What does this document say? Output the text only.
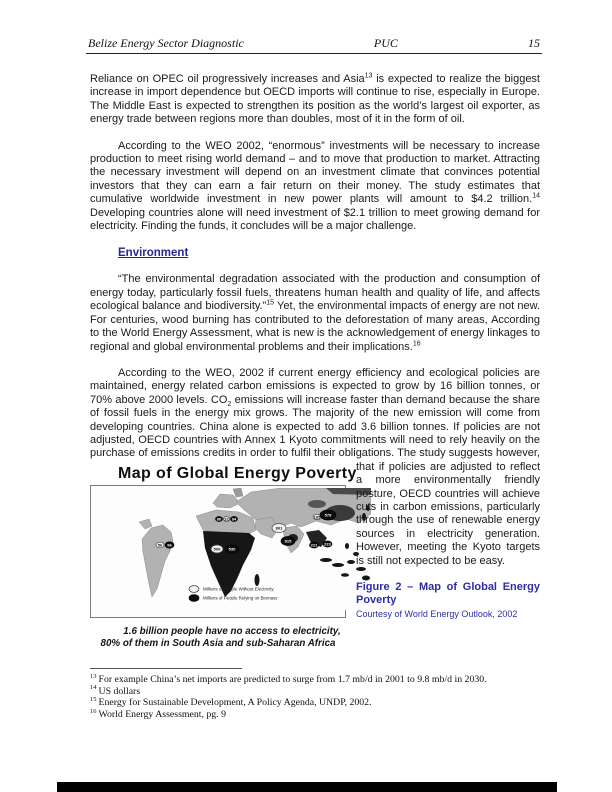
Belize Energy Sector Diagnostic	PUC	15
Reliance on OPEC oil progressively increases and Asia$^{13}$ is expected to realize the biggest increase in import dependence but OECD imports will continue to rise, especially in Europe. The Middle East is expected to strengthen its position as the world’s largest oil exporter, as energy trade between regions more than doubles, most of it in the form of oil.
According to the WEO 2002, “enormous” investments will be necessary to increase production to meet rising world demand – and to move that production to market. Attracting the necessary investment will depend on an investment climate that convinces potential investors that they can earn a fair return on their money. The study estimates that cumulative worldwide investment in new power plants will amount to $4.2 trillion.$^{14}$ Developing countries alone will need investment of $2.1 trillion to meet growing demand for electricity. Finding the funds, it concludes will be a major challenge.
Environment
“The environmental degradation associated with the production and consumption of energy today, particularly fossil fuels, threatens human health and quality of life, and affects ecological balance and biodiversity.”$^{15}$ Yet, the environmental impacts of energy are not new. For centuries, wood burning has contributed to the deforestation of many areas, According to the World Energy Assessment, what is new is the acknowledgement of energy linkages to regional and global environmental problems and their implications.$^{16}$
According to the WEO, 2002 if current energy efficiency and ecological policies are maintained, energy related carbon emissions is expected to grow by 16 billion tonnes, or 70% above 2000 levels. $CO_2$ emissions will increase faster than demand because the share of fossil fuels in the energy mix grows. The majority of the new emission will come from developing countries. China alone is expected to add 3.6 billion tonnes. If policies are not adjusted, OECD countries with Annex 1 Kyoto commitments will need to rely heavily on the purchase of emissions credits in order to fulfil their obligations. The study
Map of Global Energy Poverty
56 96
80 32 84
509 530
801
815
185 579
221 223
Millions of People Without Electricity
Millions of People Relying on Biomass
1.6 billion people have no access to electricity,
80% of them in South Asia and sub-Saharan Africa
suggests however, that if policies are adjusted to reflect a more environmentally friendly posture, OECD countries will achieve cuts in carbon emissions, particularly through the use of renewable energy sources in electricity generation. However, meeting the Kyoto targets is still not expected to be easy.
Figure 2 – Map of Global Energy Poverty
Courtesy of World Energy Outlook, 2002

$^{13}$ For example China’s net imports are predicted to surge from 1.7 mb/d in 2001 to 9.8 mb/d in 2030.

$^{14}$ US dollars

$^{15}$ Energy for Sustainable Development, A Policy Agenda, UNDP, 2002.

$^{16}$ World Energy Assessment, pg. 9
